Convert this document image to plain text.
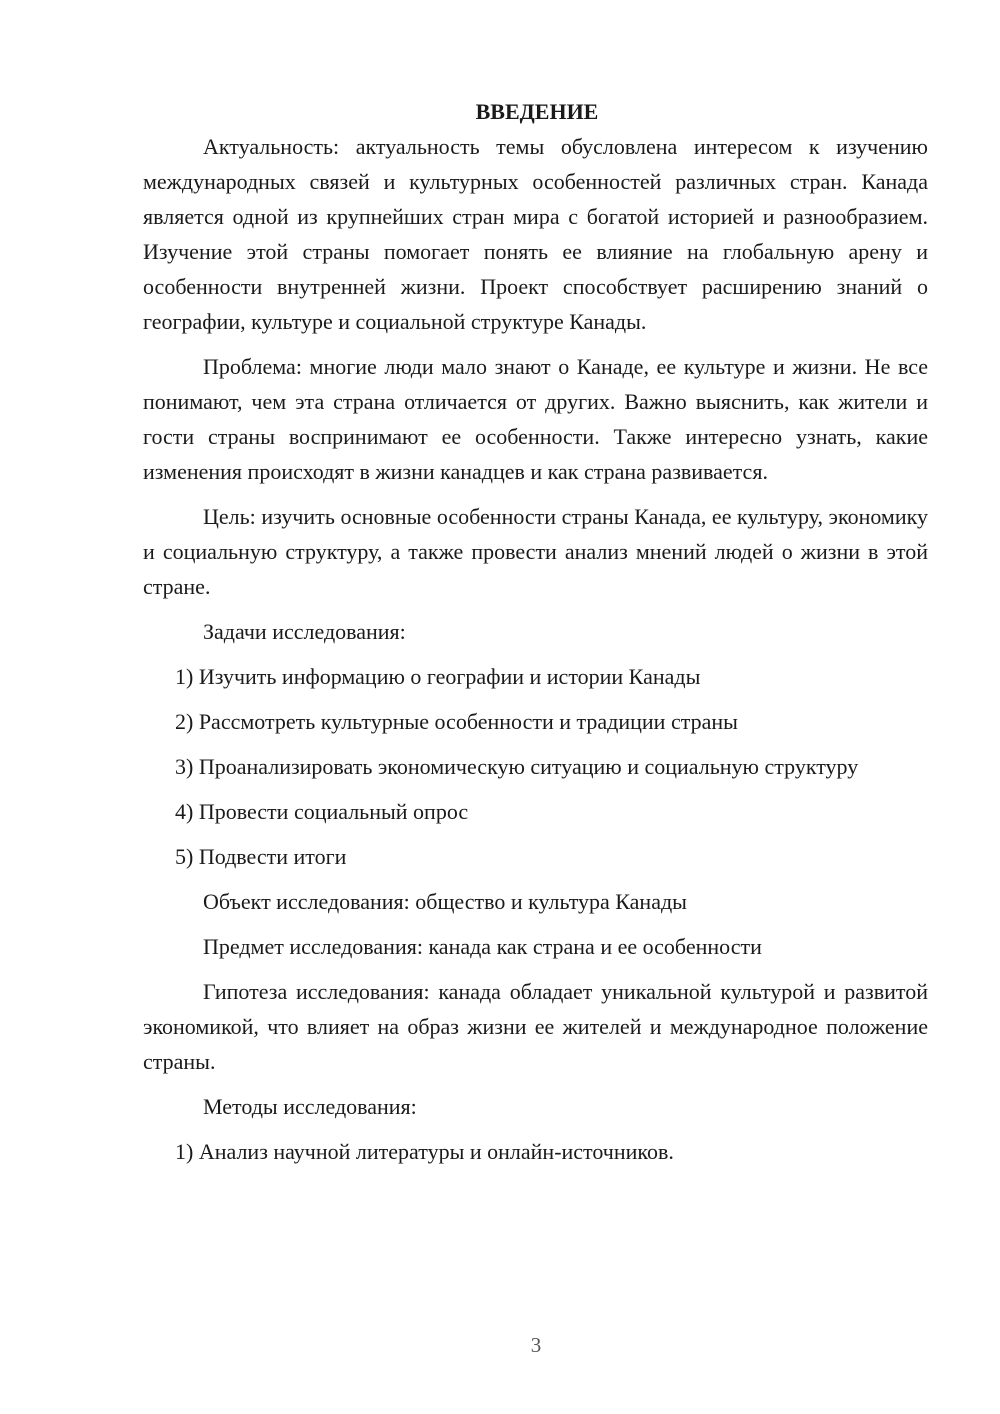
ВВЕДЕНИЕ

Актуальность: актуальность темы обусловлена интересом к изучению международных связей и культурных особенностей различных стран. Канада является одной из крупнейших стран мира с богатой историей и разнообразием. Изучение этой страны помогает понять ее влияние на глобальную арену и особенности внутренней жизни. Проект способствует расширению знаний о географии, культуре и социальной структуре Канады.

Проблема: многие люди мало знают о Канаде, ее культуре и жизни. Не все понимают, чем эта страна отличается от других. Важно выяснить, как жители и гости страны воспринимают ее особенности. Также интересно узнать, какие изменения происходят в жизни канадцев и как страна развивается.

Цель: изучить основные особенности страны Канада, ее культуру, экономику и социальную структуру, а также провести анализ мнений людей о жизни в этой стране.

Задачи исследования:

1) Изучить информацию о географии и истории Канады

2) Рассмотреть культурные особенности и традиции страны

3) Проанализировать экономическую ситуацию и социальную структуру

4) Провести социальный опрос

5) Подвести итоги

Объект исследования: общество и культура Канады

Предмет исследования: канада как страна и ее особенности

Гипотеза исследования: канада обладает уникальной культурой и развитой экономикой, что влияет на образ жизни ее жителей и международное положение страны.

Методы исследования:

1) Анализ научной литературы и онлайн-источников.

3
